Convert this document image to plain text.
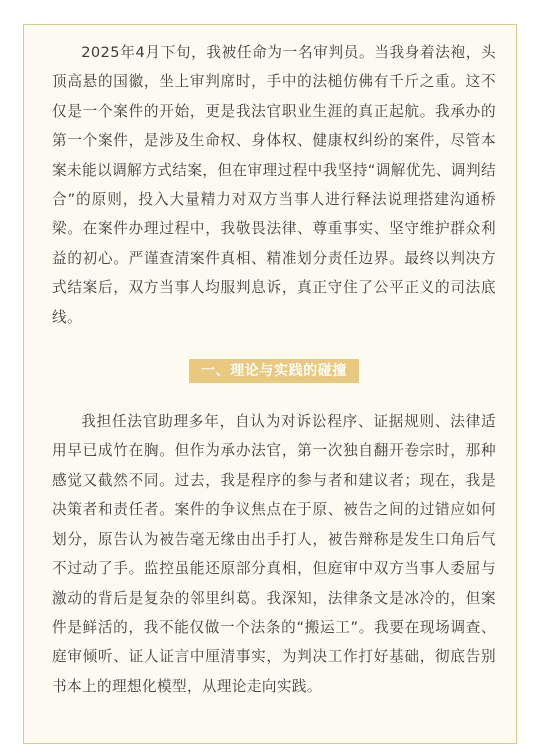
2025年4月下旬，我被任命为一名审判员。当我身着法袍，头顶高悬的国徽，坐上审判席时，手中的法槌仿佛有千斤之重。这不仅是一个案件的开始，更是我法官职业生涯的真正起航。我承办的第一个案件，是涉及生命权、身体权、健康权纠纷的案件，尽管本案未能以调解方式结案，但在审理过程中我坚持“调解优先、调判结合”的原则，投入大量精力对双方当事人进行释法说理搭建沟通桥梁。在案件办理过程中，我敬畏法律、尊重事实、坚守维护群众利益的初心。严谨查清案件真相、精准划分责任边界。最终以判决方式结案后，双方当事人均服判息诉，真正守住了公平正义的司法底线。

一、理论与实践的碰撞

我担任法官助理多年，自认为对诉讼程序、证据规则、法律适用早已成竹在胸。但作为承办法官，第一次独自翻开卷宗时，那种感觉又截然不同。过去，我是程序的参与者和建议者；现在，我是决策者和责任者。案件的争议焦点在于原、被告之间的过错应如何划分，原告认为被告毫无缘由出手打人，被告辩称是发生口角后气不过动了手。监控虽能还原部分真相，但庭审中双方当事人委屈与激动的背后是复杂的邻里纠葛。我深知，法律条文是冰冷的，但案件是鲜活的，我不能仅做一个法条的“搬运工”。我要在现场调查、庭审倾听、证人证言中厘清事实，为判决工作打好基础，彻底告别书本上的理想化模型，从理论走向实践。
